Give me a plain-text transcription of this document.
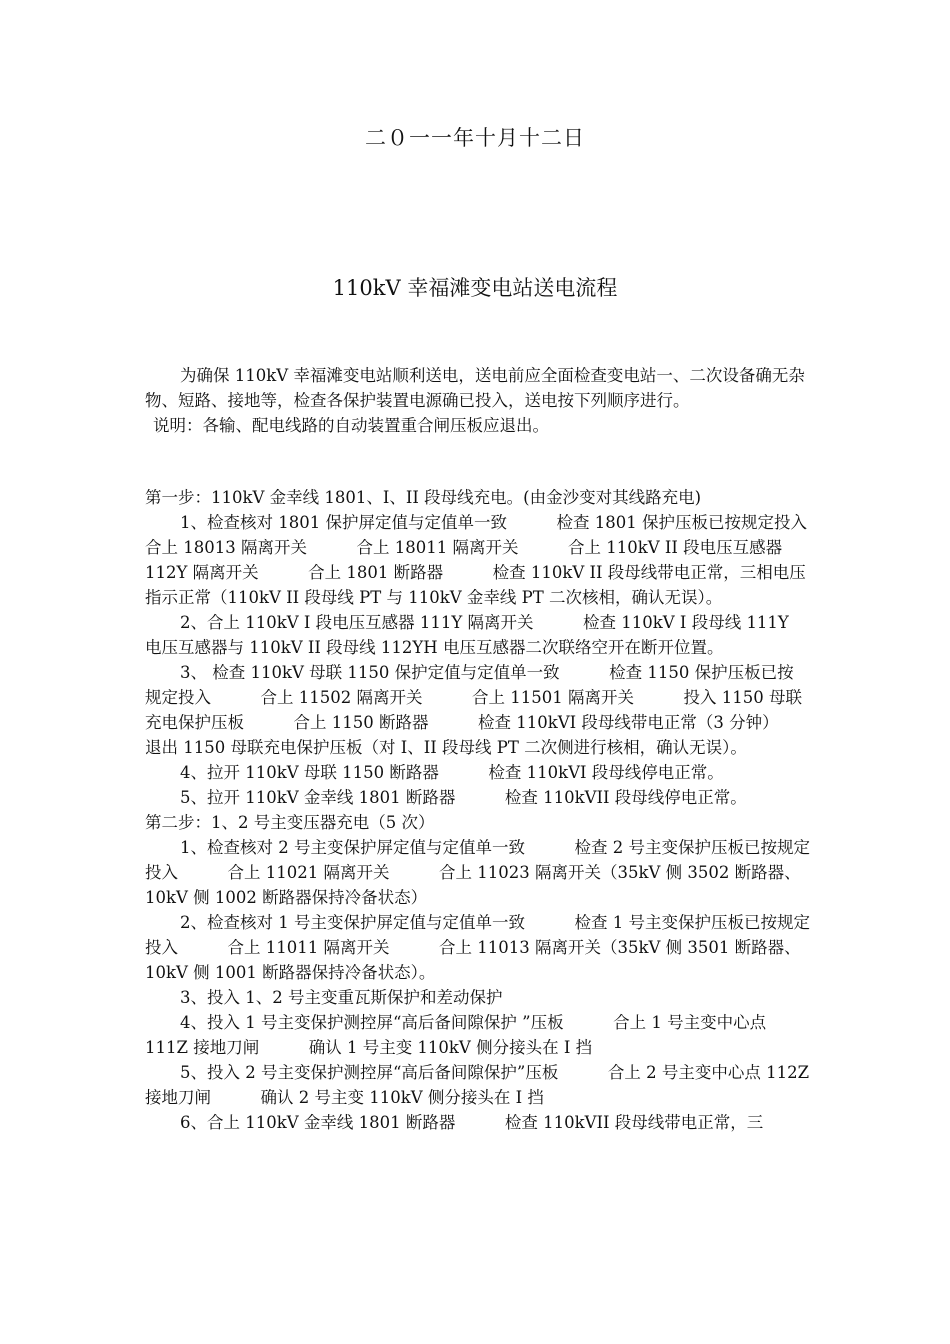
二０一一年十月十二日
110kV 幸福滩变电站送电流程

为确保 110kV 幸福滩变电站顺利送电，送电前应全面检查变电站一、二次设备确无杂物、短路、接地等，检查各保护装置电源确已投入，送电按下列顺序进行。

说明：各输、配电线路的自动装置重合闸压板应退出。

第一步：110kV 金幸线 1801、I、II 段母线充电。(由金沙变对其线路充电)

1、检查核对 1801 保护屏定值与定值单一致　　　检查 1801 保护压板已按规定投入　　　合上 18013 隔离开关　　　合上 18011 隔离开关　　　合上 110kV II 段电压互感器 112Y 隔离开关　　　合上 1801 断路器　　　检查 110kV II 段母线带电正常，三相电压指示正常（110kV II 段母线 PT 与 110kV 金幸线 PT 二次核相，确认无误）。

2、合上 110kV I 段电压互感器 111Y 隔离开关　　　检查 110kV I 段母线 111Y 电压互感器与 110kV II 段母线 112YH 电压互感器二次联络空开在断开位置。

3、 检查 110kV 母联 1150 保护定值与定值单一致　　　检查 1150 保护压板已按规定投入　　　合上 11502 隔离开关　　　合上 11501 隔离开关　　　投入 1150 母联充电保护压板　　　合上 1150 断路器　　　检查 110kVI 段母线带电正常（3 分钟）　　　退出 1150 母联充电保护压板（对 I、II 段母线 PT 二次侧进行核相，确认无误）。

4、拉开 110kV 母联 1150 断路器　　　检查 110kVI 段母线停电正常。

5、拉开 110kV 金幸线 1801 断路器　　　检查 110kVII 段母线停电正常。

第二步：1、2 号主变压器充电（5 次）

1、检查核对 2 号主变保护屏定值与定值单一致　　　检查 2 号主变保护压板已按规定投入　　　合上 11021 隔离开关　　　合上 11023 隔离开关（35kV 侧 3502 断路器、10kV 侧 1002 断路器保持冷备状态）

2、检查核对 1 号主变保护屏定值与定值单一致　　　检查 1 号主变保护压板已按规定投入　　　合上 11011 隔离开关　　　合上 11013 隔离开关（35kV 侧 3501 断路器、10kV 侧 1001 断路器保持冷备状态）。

3、投入 1、2 号主变重瓦斯保护和差动保护

4、投入 1 号主变保护测控屏“高后备间隙保护 ”压板　　　合上 1 号主变中心点 111Z 接地刀闸　　　确认 1 号主变 110kV 侧分接头在 I 挡

5、投入 2 号主变保护测控屏“高后备间隙保护”压板　　　合上 2 号主变中心点 112Z 接地刀闸　　　确认 2 号主变 110kV 侧分接头在 I 挡

6、合上 110kV 金幸线 1801 断路器　　　检查 110kVII 段母线带电正常，三
